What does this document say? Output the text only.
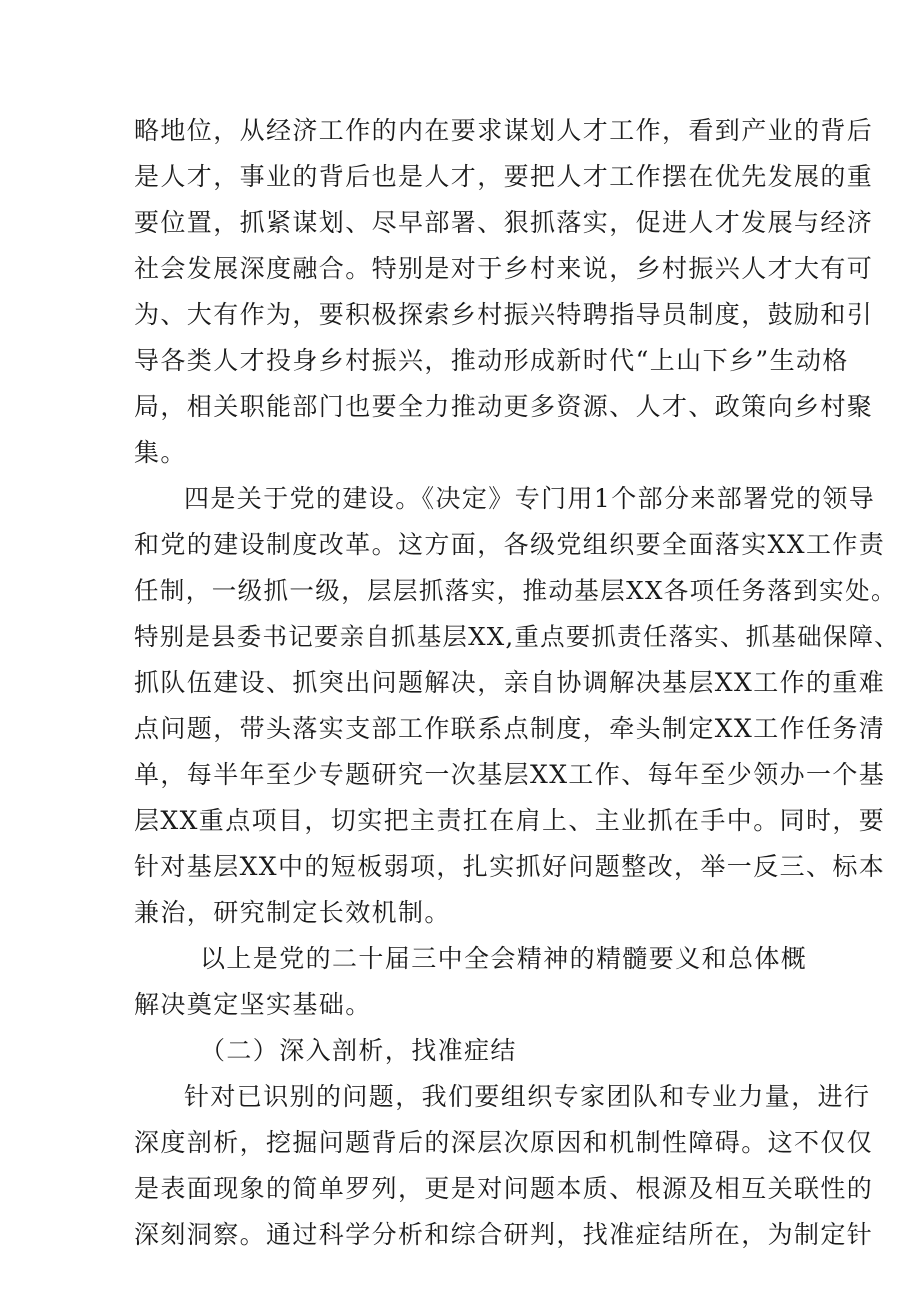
略地位，从经济工作的内在要求谋划人才工作，看到产业的背后
是人才，事业的背后也是人才，要把人才工作摆在优先发展的重
要位置，抓紧谋划、尽早部署、狠抓落实，促进人才发展与经济
社会发展深度融合。特别是对于乡村来说，乡村振兴人才大有可
为、大有作为，要积极探索乡村振兴特聘指导员制度，鼓励和引
导各类人才投身乡村振兴，推动形成新时代“上山下乡”生动格
局，相关职能部门也要全力推动更多资源、人才、政策向乡村聚
集。
四是关于党的建设。《决定》专门用1个部分来部署党的领导
和党的建设制度改革。这方面，各级党组织要全面落实XX工作责
任制，一级抓一级，层层抓落实，推动基层XX各项任务落到实处。
特别是县委书记要亲自抓基层XX,重点要抓责任落实、抓基础保障、
抓队伍建设、抓突出问题解决，亲自协调解决基层XX工作的重难
点问题，带头落实支部工作联系点制度，牵头制定XX工作任务清
单，每半年至少专题研究一次基层XX工作、每年至少领办一个基
层XX重点项目，切实把主责扛在肩上、主业抓在手中。同时，要
针对基层XX中的短板弱项，扎实抓好问题整改，举一反三、标本
兼治，研究制定长效机制。
以上是党的二十届三中全会精神的精髓要义和总体概
解决奠定坚实基础。
（二）深入剖析，找准症结
针对已识别的问题，我们要组织专家团队和专业力量，进行
深度剖析，挖掘问题背后的深层次原因和机制性障碍。这不仅仅
是表面现象的简单罗列，更是对问题本质、根源及相互关联性的
深刻洞察。通过科学分析和综合研判，找准症结所在，为制定针
